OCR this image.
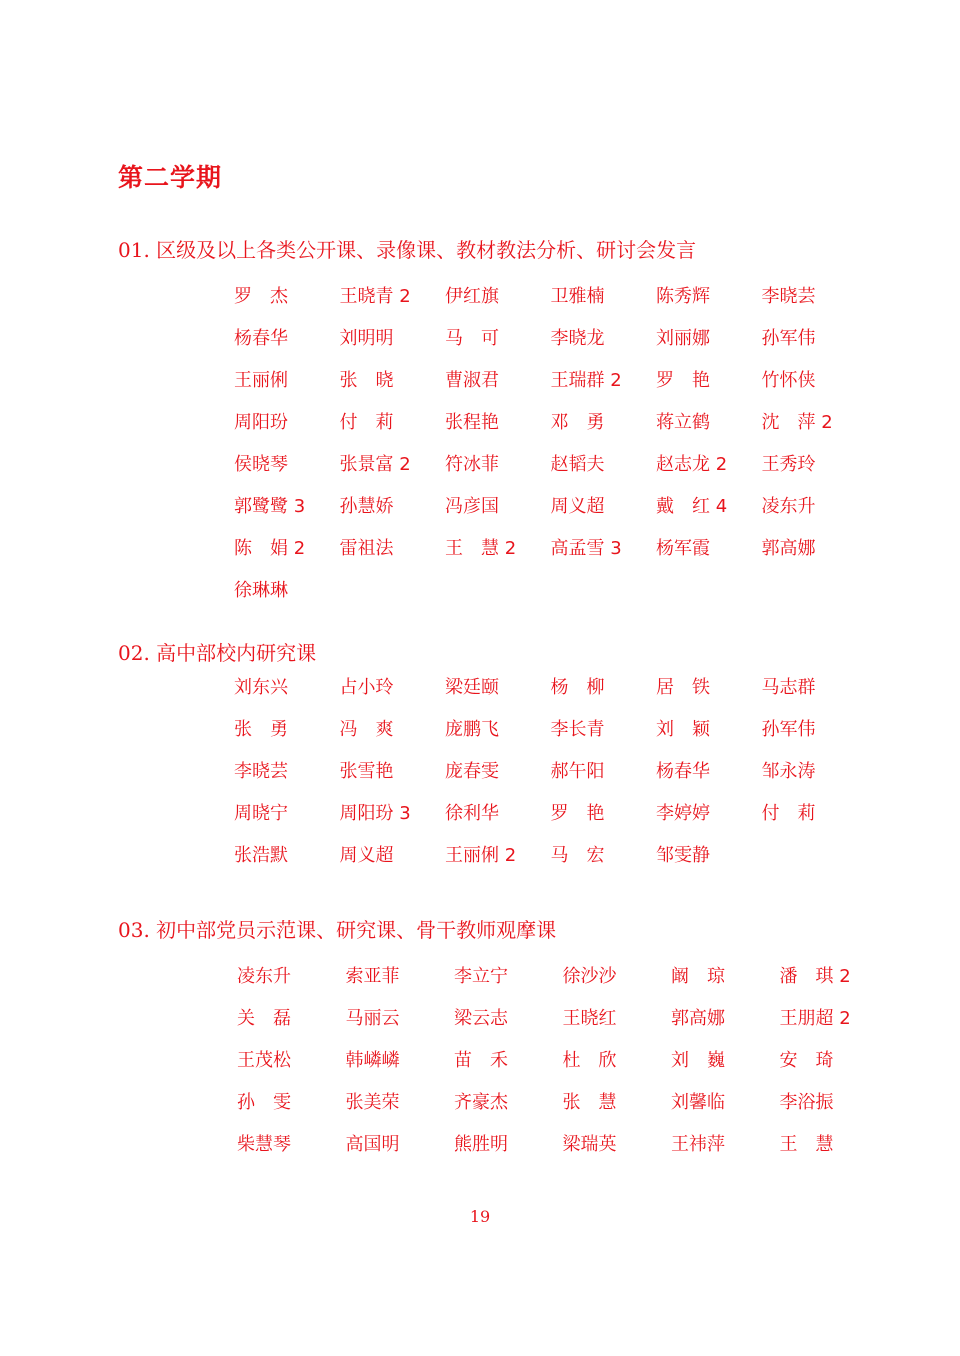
第二学期
01. 区级及以上各类公开课、录像课、教材教法分析、研讨会发言
罗　杰	王晓青 2	伊红旗	卫雅楠	陈秀辉	李晓芸
杨春华	刘明明	马　可	李晓龙	刘丽娜	孙军伟
王丽俐	张　晓	曹淑君	王瑞群 2	罗　艳	竹怀侠
周阳玢	付　莉	张程艳	邓　勇	蒋立鹤	沈　萍 2
侯晓琴	张景富 2	符冰菲	赵韬夫	赵志龙 2	王秀玲
郭鹭鹭 3	孙慧娇	冯彦国	周义超	戴　红 4	凌东升
陈　娟 2	雷祖法	王　慧 2	高孟雪 3	杨军霞	郭高娜
徐琳琳
02. 高中部校内研究课
刘东兴	占小玲	梁廷颐	杨　柳	居　铁	马志群
张　勇	冯　爽	庞鹏飞	李长青	刘　颖	孙军伟
李晓芸	张雪艳	庞春雯	郝午阳	杨春华	邹永涛
周晓宁	周阳玢 3	徐利华	罗　艳	李婷婷	付　莉
张浩默	周义超	王丽俐 2	马　宏	邹雯静
03. 初中部党员示范课、研究课、骨干教师观摩课
凌东升	索亚菲	李立宁	徐沙沙	阚　琼	潘　琪 2
关　磊	马丽云	梁云志	王晓红	郭高娜	王朋超 2
王茂松	韩嶙嶙	苗　禾	杜　欣	刘　巍	安　琦
孙　雯	张美荣	齐豪杰	张　慧	刘馨临	李浴振
柴慧琴	高国明	熊胜明	梁瑞英	王祎萍	王　慧
19
